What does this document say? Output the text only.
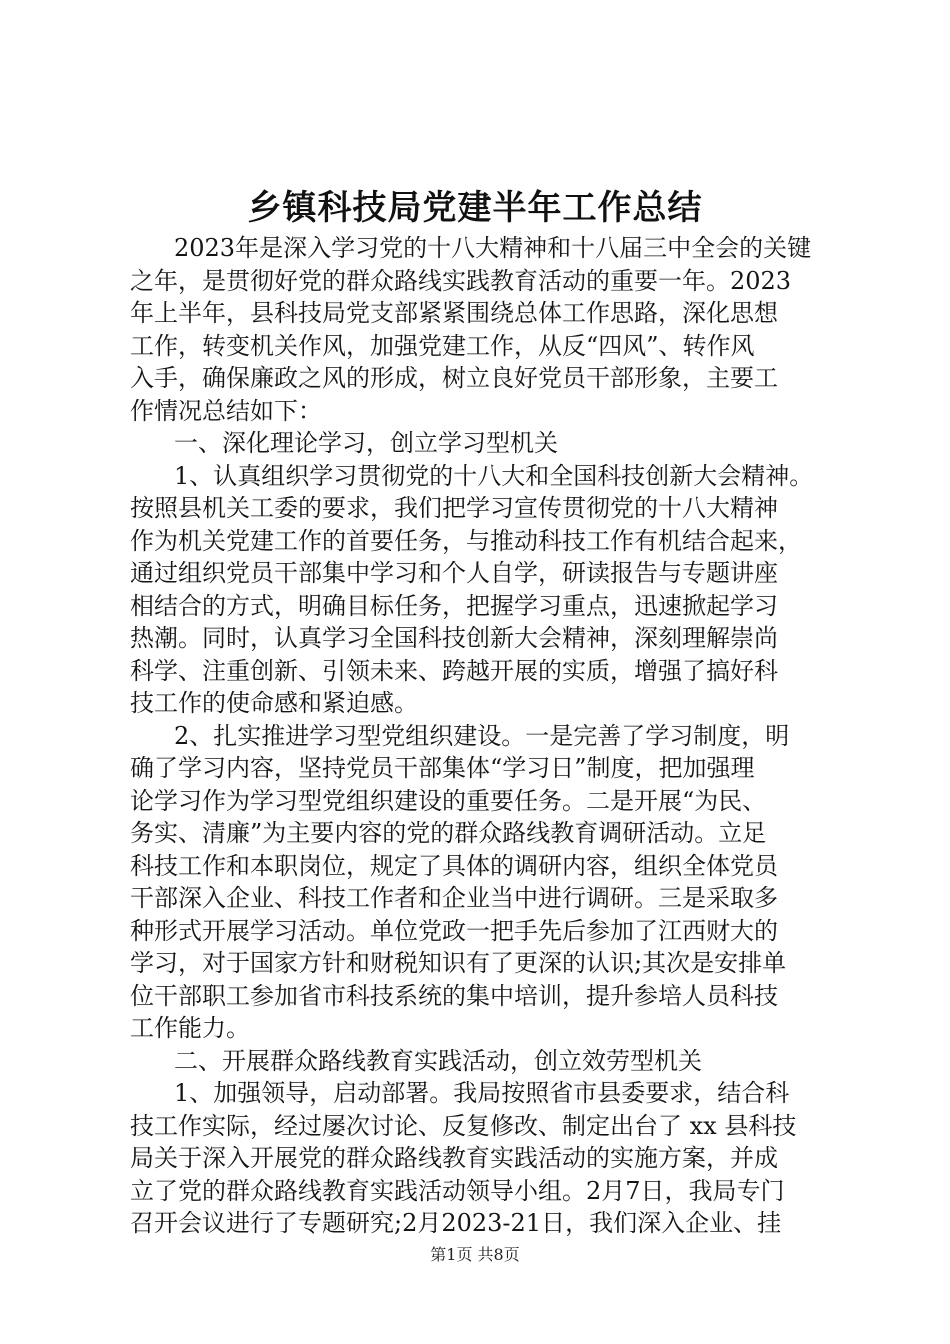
乡镇科技局党建半年工作总结
2023年是深入学习党的十八大精神和十八届三中全会的关键
之年，是贯彻好党的群众路线实践教育活动的重要一年。2023
年上半年，县科技局党支部紧紧围绕总体工作思路，深化思想
工作，转变机关作风，加强党建工作，从反“四风”、转作风
入手，确保廉政之风的形成，树立良好党员干部形象，主要工
作情况总结如下：
一、深化理论学习，创立学习型机关
1、认真组织学习贯彻党的十八大和全国科技创新大会精神。
按照县机关工委的要求，我们把学习宣传贯彻党的十八大精神
作为机关党建工作的首要任务，与推动科技工作有机结合起来，
通过组织党员干部集中学习和个人自学，研读报告与专题讲座
相结合的方式，明确目标任务，把握学习重点，迅速掀起学习
热潮。同时，认真学习全国科技创新大会精神，深刻理解崇尚
科学、注重创新、引领未来、跨越开展的实质，增强了搞好科
技工作的使命感和紧迫感。
2、扎实推进学习型党组织建设。一是完善了学习制度，明
确了学习内容，坚持党员干部集体“学习日”制度，把加强理
论学习作为学习型党组织建设的重要任务。二是开展“为民、
务实、清廉”为主要内容的党的群众路线教育调研活动。立足
科技工作和本职岗位，规定了具体的调研内容，组织全体党员
干部深入企业、科技工作者和企业当中进行调研。三是采取多
种形式开展学习活动。单位党政一把手先后参加了江西财大的
学习，对于国家方针和财税知识有了更深的认识;其次是安排单
位干部职工参加省市科技系统的集中培训，提升参培人员科技
工作能力。
二、开展群众路线教育实践活动，创立效劳型机关
1、加强领导，启动部署。我局按照省市县委要求，结合科
技工作实际，经过屡次讨论、反复修改、制定出台了 xx 县科技
局关于深入开展党的群众路线教育实践活动的实施方案，并成
立了党的群众路线教育实践活动领导小组。2月7日，我局专门
召开会议进行了专题研究;2月2023-21日，我们深入企业、挂
第1页 共8页
